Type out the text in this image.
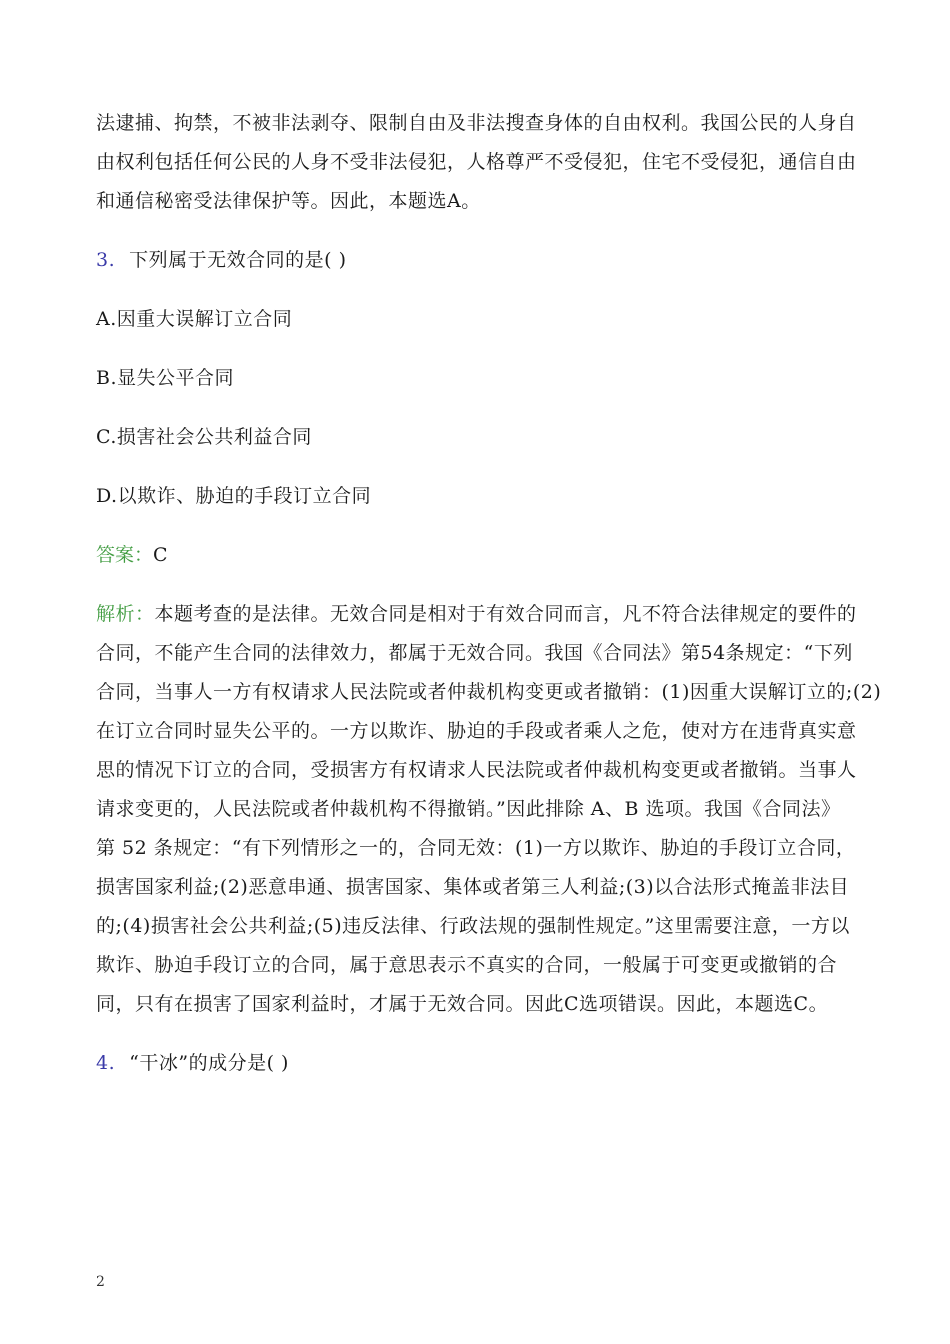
法逮捕、拘禁，不被非法剥夺、限制自由及非法搜查身体的自由权利。我国公民的人身自
由权利包括任何公民的人身不受非法侵犯，人格尊严不受侵犯，住宅不受侵犯，通信自由
和通信秘密受法律保护等。因此，本题选A。
3. 下列属于无效合同的是( )
A.因重大误解订立合同
B.显失公平合同
C.损害社会公共利益合同
D.以欺诈、胁迫的手段订立合同
答案：C
解析：本题考查的是法律。无效合同是相对于有效合同而言，凡不符合法律规定的要件的
合同，不能产生合同的法律效力，都属于无效合同。我国《合同法》第54条规定：“下列
合同，当事人一方有权请求人民法院或者仲裁机构变更或者撤销：(1)因重大误解订立的;(2)
在订立合同时显失公平的。一方以欺诈、胁迫的手段或者乘人之危，使对方在违背真实意
思的情况下订立的合同，受损害方有权请求人民法院或者仲裁机构变更或者撤销。当事人
请求变更的，人民法院或者仲裁机构不得撤销。”因此排除 A、B 选项。我国《合同法》
第 52 条规定：“有下列情形之一的，合同无效：(1)一方以欺诈、胁迫的手段订立合同，
损害国家利益;(2)恶意串通、损害国家、集体或者第三人利益;(3)以合法形式掩盖非法目
的;(4)损害社会公共利益;(5)违反法律、行政法规的强制性规定。”这里需要注意，一方以
欺诈、胁迫手段订立的合同，属于意思表示不真实的合同，一般属于可变更或撤销的合
同，只有在损害了国家利益时，才属于无效合同。因此C选项错误。因此，本题选C。
4. “干冰”的成分是( )
2
